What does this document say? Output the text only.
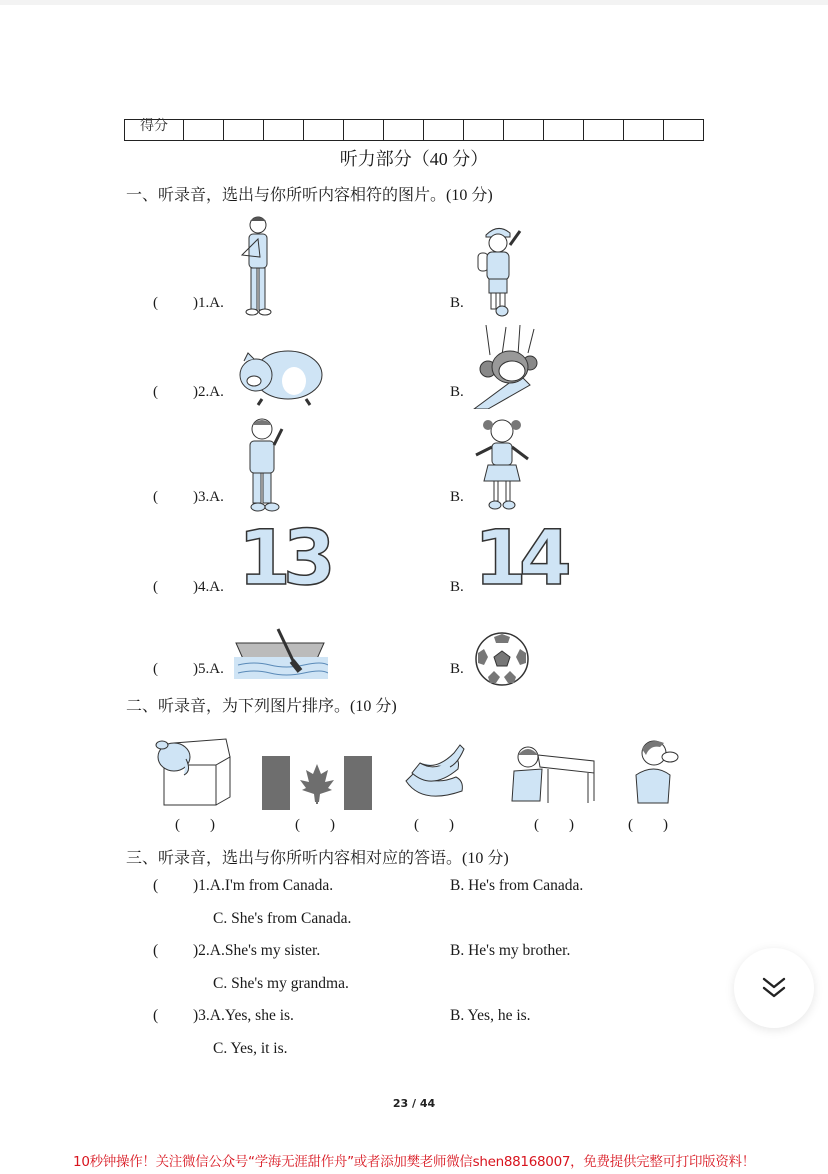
得分													
听力部分（40 分）
一、听录音，选出与你所听内容相符的图片。(10 分)
( )1.A.	B.
( )2.A.	B.
( )3.A.	B.
( )4.A.	B.
13 14
( )5.A.	B.
二、听录音，为下列图片排序。(10 分)
(　　)	(　　)	(　　)	(　　)	(　　)
三、听录音，选出与你所听内容相对应的答语。(10 分)
( )1.A.I'm from Canada.	B. He's from Canada.
C. She's from Canada.
( )2.A.She's my sister.	B. He's my brother.
C. She's my grandma.
( )3.A.Yes, she is.	B. Yes, he is.
C. Yes, it is.
23 / 44
10秒钟操作！关注微信公众号“学海无涯甜作舟”或者添加樊老师微信shen88168007，免费提供完整可打印版资料！
